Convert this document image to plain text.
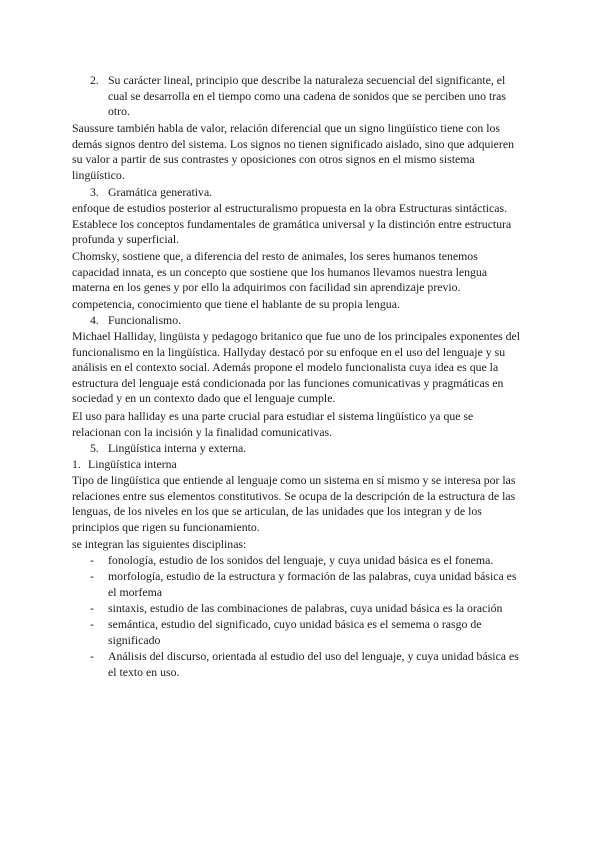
2. Su carácter lineal, principio que describe la naturaleza secuencial del significante, el cual se desarrolla en el tiempo como una cadena de sonidos que se perciben uno tras otro.

Saussure también habla de valor, relación diferencial que un signo lingüístico tiene con los demás signos dentro del sistema. Los signos no tienen significado aislado, sino que adquieren su valor a partir de sus contrastes y oposiciones con otros signos en el mismo sistema lingüístico.

3. Gramática generativa.

enfoque de estudios posterior al estructuralismo propuesta en la obra Estructuras sintácticas. Establece los conceptos fundamentales de gramática universal y la distinción entre estructura profunda y superficial.

Chomsky, sostiene que, a diferencia del resto de animales, los seres humanos tenemos capacidad innata, es un concepto que sostiene que los humanos llevamos nuestra lengua materna en los genes y por ello la adquirimos con facilidad sin aprendizaje previo.

competencia, conocimiento que tiene el hablante de su propia lengua.

4. Funcionalismo.

Michael Halliday, lingüista y pedagogo britanico que fue uno de los principales exponentes del funcionalismo en la lingüística. Hallyday destacó por su enfoque en el uso del lenguaje y su análisis en el contexto social. Además propone el modelo funcionalista cuya idea es que la estructura del lenguaje está condicionada por las funciones comunicativas y pragmáticas en sociedad y en un contexto dado que el lenguaje cumple.

El uso para halliday es una parte crucial para estudiar el sistema lingüístico ya que se relacionan con la incisión y la finalidad comunicativas.

5. Lingüística interna y externa.

1. Lingüística interna

Tipo de lingüística que entiende al lenguaje como un sistema en sí mismo y se interesa por las relaciones entre sus elementos constitutivos. Se ocupa de la descripción de la estructura de las lenguas, de los niveles en los que se articulan, de las unidades que los integran y de los principios que rigen su funcionamiento.

se integran las siguientes disciplinas:

- fonología, estudio de los sonidos del lenguaje, y cuya unidad básica es el fonema.

- morfología, estudio de la estructura y formación de las palabras, cuya unidad básica es el morfema

- sintaxis, estudio de las combinaciones de palabras, cuya unidad básica es la oración

- semántica, estudio del significado, cuyo unidad básica es el semema o rasgo de significado

- Análisis del discurso, orientada al estudio del uso del lenguaje, y cuya unidad básica es el texto en uso.
